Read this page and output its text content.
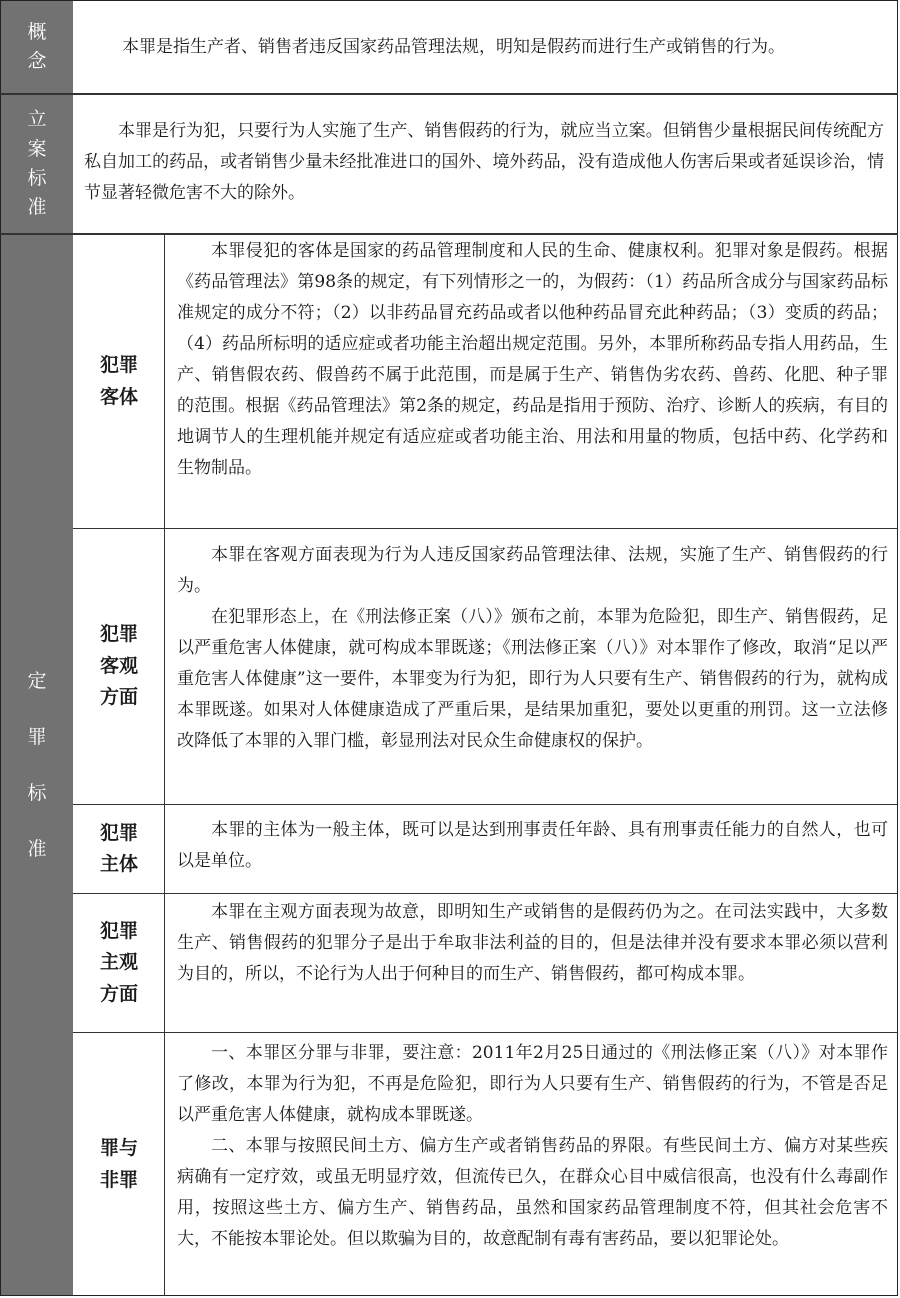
概
念
立
案
标
准
定
罪
标
准

本罪是指生产者、销售者违反国家药品管理法规，明知是假药而进行生产或销售的行为。

本罪是行为犯，只要行为人实施了生产、销售假药的行为，就应当立案。但销售少量根据民间传统配方私自加工的药品，或者销售少量未经批准进口的国外、境外药品，没有造成他人伤害后果或者延误诊治，情节显著轻微危害不大的除外。

犯罪
客体
犯罪
客观
方面
犯罪
主体
犯罪
主观
方面
罪与
非罪

本罪侵犯的客体是国家的药品管理制度和人民的生命、健康权利。犯罪对象是假药。根据《药品管理法》第98条的规定，有下列情形之一的，为假药：（1）药品所含成分与国家药品标准规定的成分不符；（2）以非药品冒充药品或者以他种药品冒充此种药品；（3）变质的药品；（4）药品所标明的适应症或者功能主治超出规定范围。另外，本罪所称药品专指人用药品，生产、销售假农药、假兽药不属于此范围，而是属于生产、销售伪劣农药、兽药、化肥、种子罪的范围。根据《药品管理法》第2条的规定，药品是指用于预防、治疗、诊断人的疾病，有目的地调节人的生理机能并规定有适应症或者功能主治、用法和用量的物质，包括中药、化学药和生物制品。

本罪在客观方面表现为行为人违反国家药品管理法律、法规，实施了生产、销售假药的行为。

在犯罪形态上，在《刑法修正案（八）》颁布之前，本罪为危险犯，即生产、销售假药，足以严重危害人体健康，就可构成本罪既遂；《刑法修正案（八）》对本罪作了修改，取消“足以严重危害人体健康”这一要件，本罪变为行为犯，即行为人只要有生产、销售假药的行为，就构成本罪既遂。如果对人体健康造成了严重后果，是结果加重犯，要处以更重的刑罚。这一立法修改降低了本罪的入罪门槛，彰显刑法对民众生命健康权的保护。

本罪的主体为一般主体，既可以是达到刑事责任年龄、具有刑事责任能力的自然人，也可以是单位。

本罪在主观方面表现为故意，即明知生产或销售的是假药仍为之。在司法实践中，大多数生产、销售假药的犯罪分子是出于牟取非法利益的目的，但是法律并没有要求本罪必须以营利为目的，所以，不论行为人出于何种目的而生产、销售假药，都可构成本罪。

一、本罪区分罪与非罪，要注意：2011年2月25日通过的《刑法修正案（八）》对本罪作了修改，本罪为行为犯，不再是危险犯，即行为人只要有生产、销售假药的行为，不管是否足以严重危害人体健康，就构成本罪既遂。

二、本罪与按照民间土方、偏方生产或者销售药品的界限。有些民间土方、偏方对某些疾病确有一定疗效，或虽无明显疗效，但流传已久，在群众心目中威信很高，也没有什么毒副作用，按照这些土方、偏方生产、销售药品，虽然和国家药品管理制度不符，但其社会危害不大，不能按本罪论处。但以欺骗为目的，故意配制有毒有害药品，要以犯罪论处。
